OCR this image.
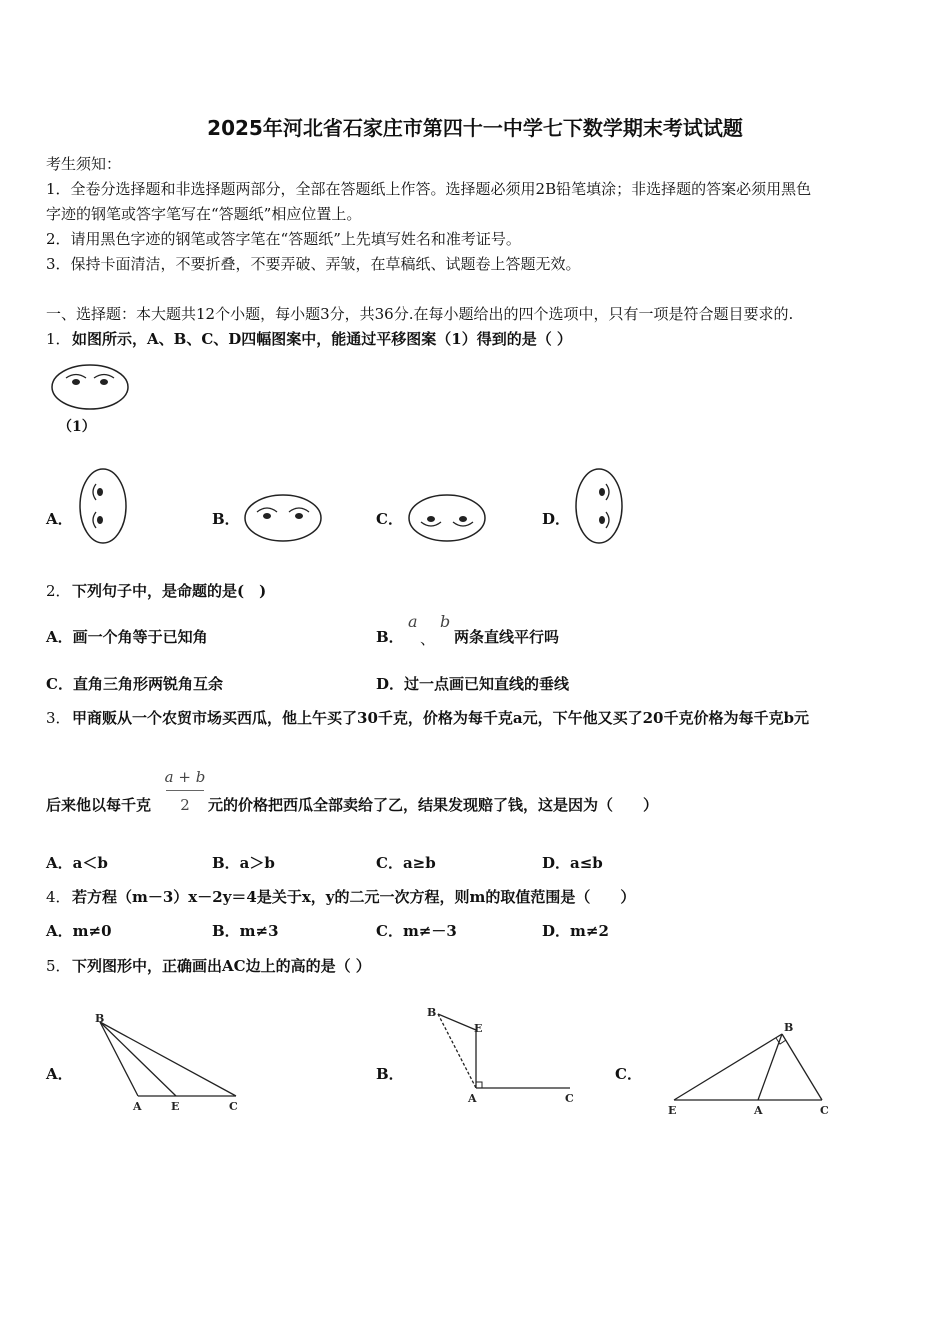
2025年河北省石家庄市第四十一中学七下数学期末考试试题
考生须知：
1．全卷分选择题和非选择题两部分，全部在答题纸上作答。选择题必须用2B铅笔填涂；非选择题的答案必须用黑色
字迹的钢笔或答字笔写在“答题纸”相应位置上。
2．请用黑色字迹的钢笔或答字笔在“答题纸”上先填写姓名和准考证号。
3．保持卡面清洁，不要折叠，不要弄破、弄皱，在草稿纸、试题卷上答题无效。
一、选择题：本大题共12个小题，每小题3分，共36分.在每小题给出的四个选项中，只有一项是符合题目要求的.
1． 如图所示，A、B、C、D四幅图案中，能通过平移图案（1）得到的是（ ）
（1）
A．	B．	C．	D．
2． 下列句子中，是命题的是(　)
A．画一个角等于已知角	B．
a
、
b
两条直线平行吗
C．直角三角形两锐角互余	D．过一点画已知直线的垂线
3． 甲商贩从一个农贸市场买西瓜，他上午买了30千克，价格为每千克a元，下午他又买了20千克价格为每千克b元
后来他以每千克
a + b
2	元的价格把西瓜全部卖给了乙，结果发现赔了钱，这是因为（　　）
A．a＜b	B．a＞b	C．a≥b	D．a≤b
4． 若方程（m－3）x－2y＝4是关于x，y的二元一次方程，则m的取值范围是（　　）
A．m≠0	B．m≠3	C．m≠－3	D．m≠2
5． 下列图形中，正确画出AC边上的高的是（ ）
A．
B
A	E	C
B．
B
E
A	C
C．
B
E	A	C
